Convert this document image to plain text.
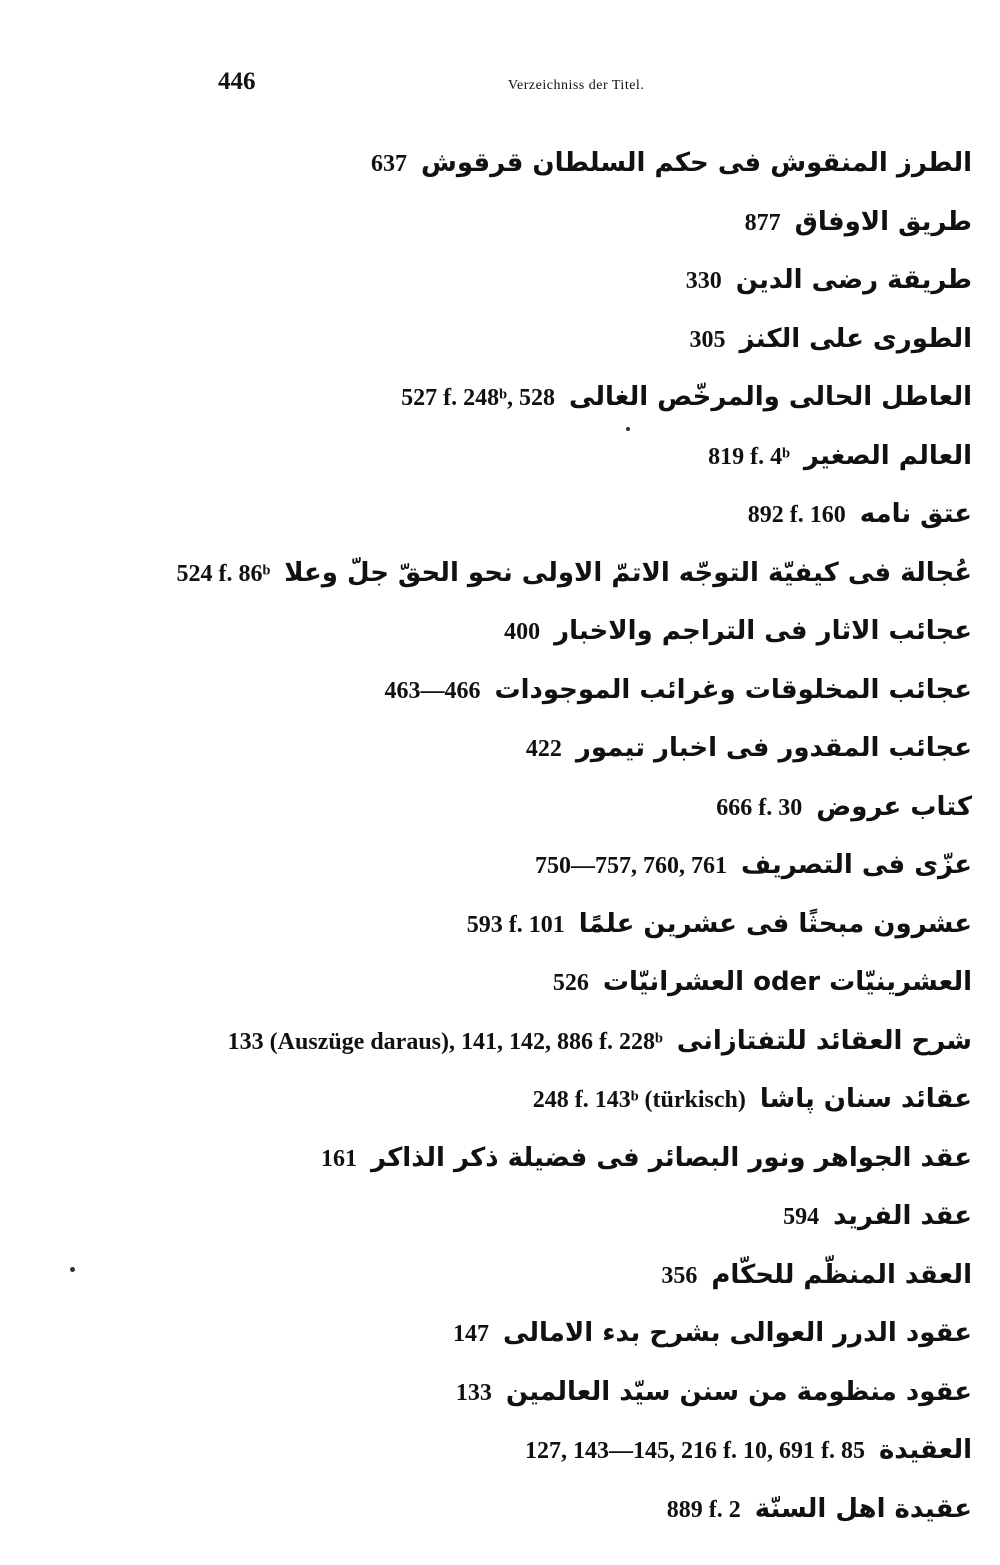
446	Verzeichniss der Titel.
الطرز المنقوش فى حكم السلطان قرقوش637
طريق الاوفاق877
طريقة رضى الدين330
الطورى على الكنز305
العاطل الحالى والمرخّص الغالى527 f. 248ᵇ, 528
العالم الصغير819 f. 4ᵇ
عتق نامه892 f. 160
عُجالة فى كيفيّة التوجّه الاتمّ الاولى نحو الحقّ جلّ وعلا524 f. 86ᵇ
عجائب الاثار فى التراجم والاخبار400
عجائب المخلوقات وغرائب الموجودات463—466
عجائب المقدور فى اخبار تيمور422
كتاب عروض666 f. 30
عزّى فى التصريف750—757, 760, 761
عشرون مبحثًا فى عشرين علمًا593 f. 101
العشرينيّات oder العشرانيّات526
شرح العقائد للتفتازانى133 (Auszüge daraus), 141, 142, 886 f. 228ᵇ
عقائد سنان پاشا248 f. 143ᵇ (türkisch)
عقد الجواهر ونور البصائر فى فضيلة ذكر الذاكر161
عقد الفريد594
العقد المنظّم للحكّام356
عقود الدرر العوالى بشرح بدء الامالى147
عقود منظومة من سنن سيّد العالمين133
العقيدة127, 143—145, 216 f. 10, 691 f. 85
عقيدة اهل السنّة889 f. 2
